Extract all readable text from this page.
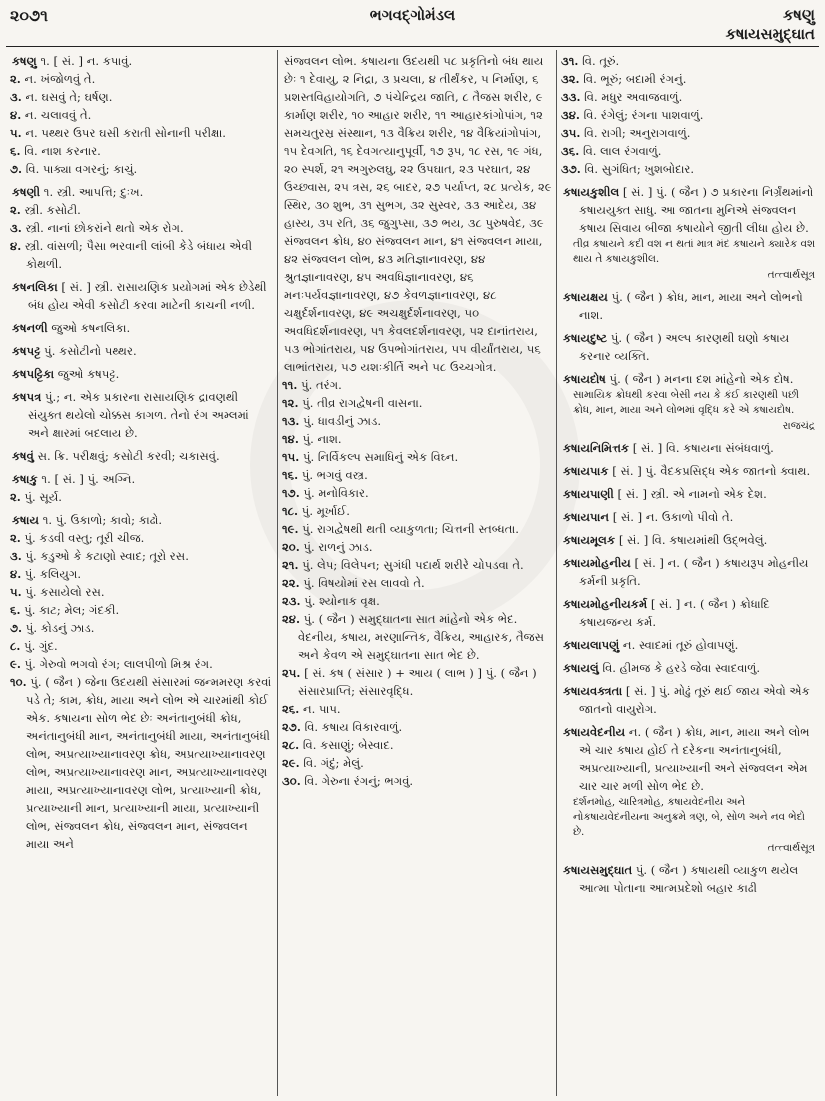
૨૦૭૧	ભગવદ્ગોમંડલ	કષણુ
કષાયસમુદ્ઘાત

કષણુ ૧. [ સં. ] ન. કપાવું.

૨. ન. ખંજોળવું તે.

૩. ન. ઘસવું તે; ઘર્ષણ.

૪. ન. ચલાવવું તે.

૫. ન. પથ્થર ઉપર ઘસી કરાતી સોનાની પરીક્ષા.

૬. વિ. નાશ કરનાર.

૭. વિ. પાક્યા વગરનું; કાચું.

કષણી ૧. સ્ત્રી. આપત્તિ; દુઃખ.

૨. સ્ત્રી. કસોટી.

૩. સ્ત્રી. નાનાં છોકરાંને થતો એક રોગ.

૪. સ્ત્રી. વાંસળી; પૈસા ભરવાની લાંબી કેડે બંધાય એવી કોથળી.

કષનલિકા [ સં. ] સ્ત્રી. રાસાયણિક પ્રયોગમાં એક છેડેથી બંધ હોય એવી કસોટી કરવા માટેની કાચની નળી.

કષનળી જુઓ કષનલિકા.

કષપટ્ટ પું. કસોટીનો પથ્થર.

કષપટ્ટિકા જુઓ કષપટ્ટ.

કષપત્ર પું.; ન. એક પ્રકારના રાસાયણિક દ્રાવણથી સંયુક્ત થયેલો ચોક્કસ કાગળ. તેનો રંગ અમ્લમાં અને ક્ષારમાં બદલાય છે.

કષવું સ. ક્રિ. પરીક્ષવું; કસોટી કરવી; ચકાસવું.

કષાકુ ૧. [ સં. ] પું. અગ્નિ.

૨. પું. સૂર્ય.

કષાય ૧. પું. ઉકાળો; કાવો; કાઢો.

૨. પું. કડવી વસ્તુ; તૂરી ચીજ.

૩. પું. કડુઓ કે કટાણો સ્વાદ; તૂરો રસ.

૪. પું. કલિયુગ.

૫. પું. કસાયેલો રસ.

૬. પું. કાટ; મેલ; ગંદકી.

૭. પું. કોડનું ઝાડ.

૮. પું. ગુંદ.

૯. પું. ગેરુવો ભગવો રંગ; લાલપીળો મિશ્ર રંગ.

૧૦. પું. ( જૈન ) જેના ઉદયથી સંસારમાં જન્મમરણ કરવાં પડે તે; કામ, ક્રોધ, માયા અને લોભ એ ચારમાંથી કોઈ એક. કષાયના સોળ ભેદ છેઃ અનંતાનુબંધી ક્રોધ, અનંતાનુબંધી માન, અનંતાનુબંધી માયા, અનંતાનુબંધી લોભ, અપ્રત્યાખ્યાનાવરણ ક્રોધ, અપ્રત્યાખ્યાનાવરણ લોભ, અપ્રત્યાખ્યાનાવરણ માન, અપ્રત્યાખ્યાનાવરણ માયા, અપ્રત્યાખ્યાનાવરણ લોભ, પ્રત્યાખ્યાની ક્રોધ, પ્રત્યાખ્યાની માન, પ્રત્યાખ્યાની માયા, પ્રત્યાખ્યાની લોભ, સંજ્વલન ક્રોધ, સંજ્વલન માન, સંજ્વલન માયા અને

સંજ્વલન લોભ. કષાયના ઉદયથી ૫૮ પ્રકૃતિનો બંધ થાય છેઃ ૧ દેવાયુ, ૨ નિદ્રા, ૩ પ્રચલા, ૪ તીર્થંકર, ૫ નિર્માણ, ૬ પ્રશસ્તવિહાયોગતિ, ૭ પંચેન્દ્રિય જાતિ, ૮ તૈજસ શરીર, ૯ કાર્માણ શરીર, ૧૦ આહાર શરીર, ૧૧ આહારકાંગોપાંગ, ૧૨ સમચતુરસ્ર સંસ્થાન, ૧૩ વૈક્રિય શરીર, ૧૪ વૈક્રિયાંગોપાંગ, ૧૫ દેવગતિ, ૧૬ દેવગત્યાનુપૂર્વી, ૧૭ રૂપ, ૧૮ રસ, ૧૯ ગંધ, ૨૦ સ્પર્શ, ૨૧ અગુરુલઘુ, ૨૨ ઉપઘાત, ૨૩ પરઘાત, ૨૪ ઉચ્છ્વાસ, ૨૫ ત્રસ, ૨૬ બાદર, ૨૭ પર્યાપ્ત, ૨૮ પ્રત્યેક, ૨૯ સ્થિર, ૩૦ શુભ, ૩૧ સુભગ, ૩૨ સુસ્વર, ૩૩ આદેય, ૩૪ હાસ્ય, ૩૫ રતિ, ૩૬ જુગુપ્સા, ૩૭ ભય, ૩૮ પુરુષવેદ, ૩૯ સંજ્વલન ક્રોધ, ૪૦ સંજ્વલન માન, ૪૧ સંજ્વલન માયા, ૪૨ સંજ્વલન લોભ, ૪૩ મતિજ્ઞાનાવરણ, ૪૪ શ્રુતજ્ઞાનાવરણ, ૪૫ અવધિજ્ઞાનાવરણ, ૪૬ મનઃપર્યવજ્ઞાનાવરણ, ૪૭ કેવળજ્ઞાનાવરણ, ૪૮ ચક્ષુર્દર્શનાવરણ, ૪૯ અચક્ષુર્દર્શનાવરણ, ૫૦ અવધિદર્શનાવરણ, ૫૧ કેવલદર્શનાવરણ, ૫૨ દાનાંતરાય, ૫૩ ભોગાંતરાય, ૫૪ ઉપભોગાંતરાય, ૫૫ વીર્યાંતરાય, ૫૬ લાભાંતરાય, ૫૭ યશઃકીર્તિ અને ૫૮ ઉચ્ચગોત્ર.

૧૧. પું. તરંગ.

૧૨. પું. તીવ્ર રાગદ્વેષની વાસના.

૧૩. પું. ધાવડીનું ઝાડ.

૧૪. પું. નાશ.

૧૫. પું. નિર્વિકલ્પ સમાધિનું એક વિઘ્ન.

૧૬. પું. ભગવું વસ્ત્ર.

૧૭. પું. મનોવિકાર.

૧૮. પું. મૂર્ખાઈ.

૧૯. પું. રાગદ્વેષથી થતી વ્યાકુળતા; ચિત્તની સ્તબ્ધતા.

૨૦. પું. રાળનું ઝાડ.

૨૧. પું. લેપ; વિલેપન; સુગંધી પદાર્થ શરીરે ચોપડવા તે.

૨૨. પું. વિષયોમાં રસ લાવવો તે.

૨૩. પું. શ્યોનાક વૃક્ષ.

૨૪. પું. ( જૈન ) સમુદ્ઘાતના સાત માંહેનો એક ભેદ. વેદનીય, કષાય, મરણાન્તિક, વૈક્રિય, આહારક, તૈજસ અને કેવળ એ સમુદ્ઘાતના સાત ભેદ છે.

૨૫. [ સં. કષ ( સંસાર ) + આય ( લાભ ) ] પું. ( જૈન ) સંસારપ્રાપ્તિ; સંસારવૃદ્ધિ.

૨૬. ન. પાપ.

૨૭. વિ. કષાય વિકારવાળું.

૨૮. વિ. કસાણું; બેસ્વાદ.

૨૯. વિ. ગંદું; મેલું.

૩૦. વિ. ગેરુના રંગનું; ભગવું.

૩૧. વિ. તૂરું.

૩૨. વિ. ભૂરું; બદામી રંગનું.

૩૩. વિ. મધુર અવાજવાળું.

૩૪. વિ. રંગેલું; રંગના પાશવાળું.

૩૫. વિ. રાગી; અનુરાગવાળું.

૩૬. વિ. લાલ રંગવાળું.

૩૭. વિ. સુગંધિત; ખુશબોદાર.

કષાયકુશીલ [ સં. ] પું. ( જૈન ) ૭ પ્રકારના નિર્ગ્રંથમાંનો કષાયયુક્ત સાધુ. આ જાતના મુનિએ સંજ્વલન કષાય સિવાય બીજા કષાયોને જીતી લીધા હોય છે.

તીવ્ર કષાયને કદી વશ ન થતાં માત્ર મંદ કષાયને ક્યારેક વશ થાય તે કષાયકુશીલ.

તત્ત્વાર્થસૂત્ર

કષાયક્ષય પું. ( જૈન ) ક્રોધ, માન, માયા અને લોભનો નાશ.

કષાયદુષ્ટ પું. ( જૈન ) અલ્પ કારણથી ઘણો કષાય કરનાર વ્યક્તિ.

કષાયદોષ પું. ( જૈન ) મનના દશ માંહેનો એક દોષ.

સામાયિક ક્રોધથી કરવા બેસી નય કે કંઈ કારણથી પછી ક્રોધ, માન, માયા અને લોભમાં વૃદ્ધિ કરે એ કષાયદોષ.

રાજચંદ્ર

કષાયનિમિત્તક [ સં. ] વિ. કષાયના સંબંધવાળું.

કષાયપાક [ સં. ] પું. વૈદકપ્રસિદ્ધ એક જાતનો ક્વાથ.

કષાયપાણી [ સં. ] સ્ત્રી. એ નામનો એક દેશ.

કષાયપાન [ સં. ] ન. ઉકાળો પીવો તે.

કષાયમૂલક [ સં. ] વિ. કષાયમાંથી ઉદ્ભવેલું.

કષાયમોહનીય [ સં. ] ન. ( જૈન ) કષાયરૂપ મોહનીય કર્મની પ્રકૃતિ.

કષાયમોહનીયકર્મ [ સં. ] ન. ( જૈન ) ક્રોધાદિ કષાયજન્ય કર્મ.

કષાયલાપણું ન. સ્વાદમાં તૂરું હોવાપણું.

કષાયલું વિ. હીમજ કે હરડે જેવા સ્વાદવાળું.

કષાયવક્ત્રતા [ સં. ] પું. મોઢું તૂરું થઈ જાય એવો એક જાતનો વાયુરોગ.

કષાયવેદનીય ન. ( જૈન ) ક્રોધ, માન, માયા અને લોભ એ ચાર કષાય હોઈ તે દરેકના અનંતાનુબંધી, અપ્રત્યાખ્યાની, પ્રત્યાખ્યાની અને સંજ્વલન એમ ચાર ચાર મળી સોળ ભેદ છે.

દર્શનમોહ, ચારિત્રમોહ, કષાયવેદનીય અને નોકષાયવેદનીયના અનુક્રમે ત્રણ, બે, સોળ અને નવ ભેદો છે.

તત્ત્વાર્થસૂત્ર

કષાયસમુદ્ઘાત પું. ( જૈન ) કષાયથી વ્યાકુળ થયેલ આત્મા પોતાના આત્મપ્રદેશો બહાર કાઢી
